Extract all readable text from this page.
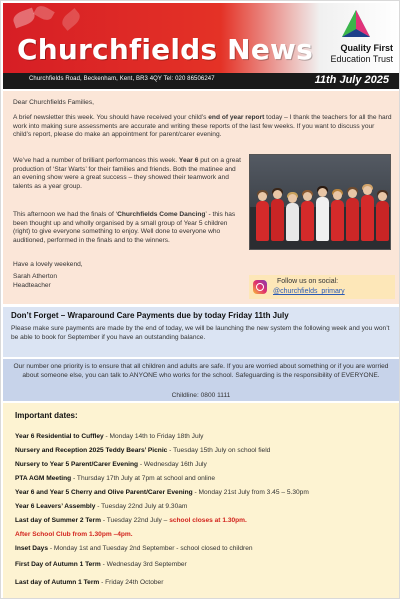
Churchfields News	Quality First
Education Trust
Churchfields Road, Beckenham, Kent, BR3 4QY Tel: 020 86506247	11th July 2025

Dear Churchfields Families,

A brief newsletter this week. You should have received your child’s end of year report today – I thank the teachers for all the hard work into making sure assessments are accurate and writing these reports of the last few weeks. If you want to discuss your child’s report, please do make an appointment for parent/carer evening.

We’ve had a number of brilliant performances this week. Year 6 put on a great production of ‘Star Warts’ for their families and friends. Both the matinee and an evening show were a great success – they showed their teamwork and talents as a year group.

This afternoon we had the finals of ‘Churchfields Come Dancing’ - this has been thought up and wholly organised by a small group of Year 5 children (right) to give everyone something to enjoy. Well done to everyone who auditioned, performed in the finals and to the winners.

Have a lovely weekend,

Sarah Atherton

Headteacher

Follow us on social:
@churchfields_primary
Don’t Forget – Wraparound Care Payments due by today Friday 11th July

Please make sure payments are made by the end of today, we will be launching the new system the following week and you won’t be able to book for September if you have an outstanding balance.

Our number one priority is to ensure that all children and adults are safe. If you are worried about something or if you are worried about someone else, you can talk to ANYONE who works for the school. Safeguarding is the responsibility of EVERYONE.

Childline: 0800 1111
Important dates:
Year 6 Residential to Cuffley - Monday 14th to Friday 18th July
Nursery and Reception 2025 Teddy Bears’ Picnic - Tuesday 15th July on school field
Nursery to Year 5 Parent/Carer Evening - Wednesday 16th July
PTA AGM Meeting - Thursday 17th July at 7pm at school and online
Year 6 and Year 5 Cherry and Olive Parent/Carer Evening - Monday 21st July from 3.45 – 5.30pm
Year 6 Leavers’ Assembly - Tuesday 22nd July at 9.30am
Last day of Summer 2 Term - Tuesday 22nd July – school closes at 1.30pm.
After School Club from 1.30pm –4pm.
Inset Days - Monday 1st and Tuesday 2nd September - school closed to children
First Day of Autumn 1 Term - Wednesday 3rd September
Last day of Autumn 1 Term - Friday 24th October
